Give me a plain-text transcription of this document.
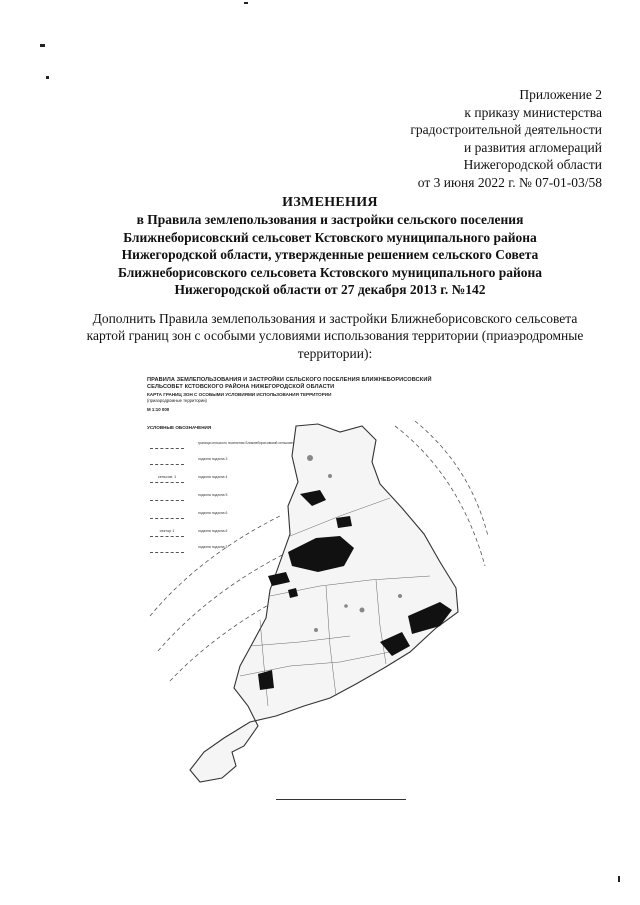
Приложение 2
к приказу министерства
градостроительной деятельности
и развития агломераций
Нижегородской области
от 3 июня 2022 г. № 07-01-03/58
ИЗМЕНЕНИЯ
в Правила землепользования и застройки сельского поселения
Ближнеборисовский сельсовет Кстовского муниципального района
Нижегородской области, утвержденные решением сельского Совета
Ближнеборисовского сельсовета Кстовского муниципального района
Нижегородской области от 27 декабря 2013 г. №142
Дополнить Правила землепользования и застройки Ближнеборисовского сельсовета
картой границ зон с особыми условиями использования территории (приаэродромные
территории):
ПРАВИЛА ЗЕМЛЕПОЛЬЗОВАНИЯ И ЗАСТРОЙКИ СЕЛЬСКОГО ПОСЕЛЕНИЯ БЛИЖНЕБОРИСОВСКИЙ
СЕЛЬСОВЕТ КСТОВСКОГО РАЙОНА НИЖЕГОРОДСКОЙ ОБЛАСТИ
КАРТА ГРАНИЦ ЗОН С ОСОБЫМИ УСЛОВИЯМИ ИСПОЛЬЗОВАНИЯ ТЕРРИТОРИИ
(приаэродромные территории)
М 1:10 000
УСЛОВНЫЕ ОБОЗНАЧЕНИЯ
граница сельского поселения Ближнеборисовский сельсовет
подзона подзона 3
сельсов. 1	подзона подзона 4
подзона подзона 5
подзона подзона 6
сектор 1	подзона подзона 6
подзона подзона 3
